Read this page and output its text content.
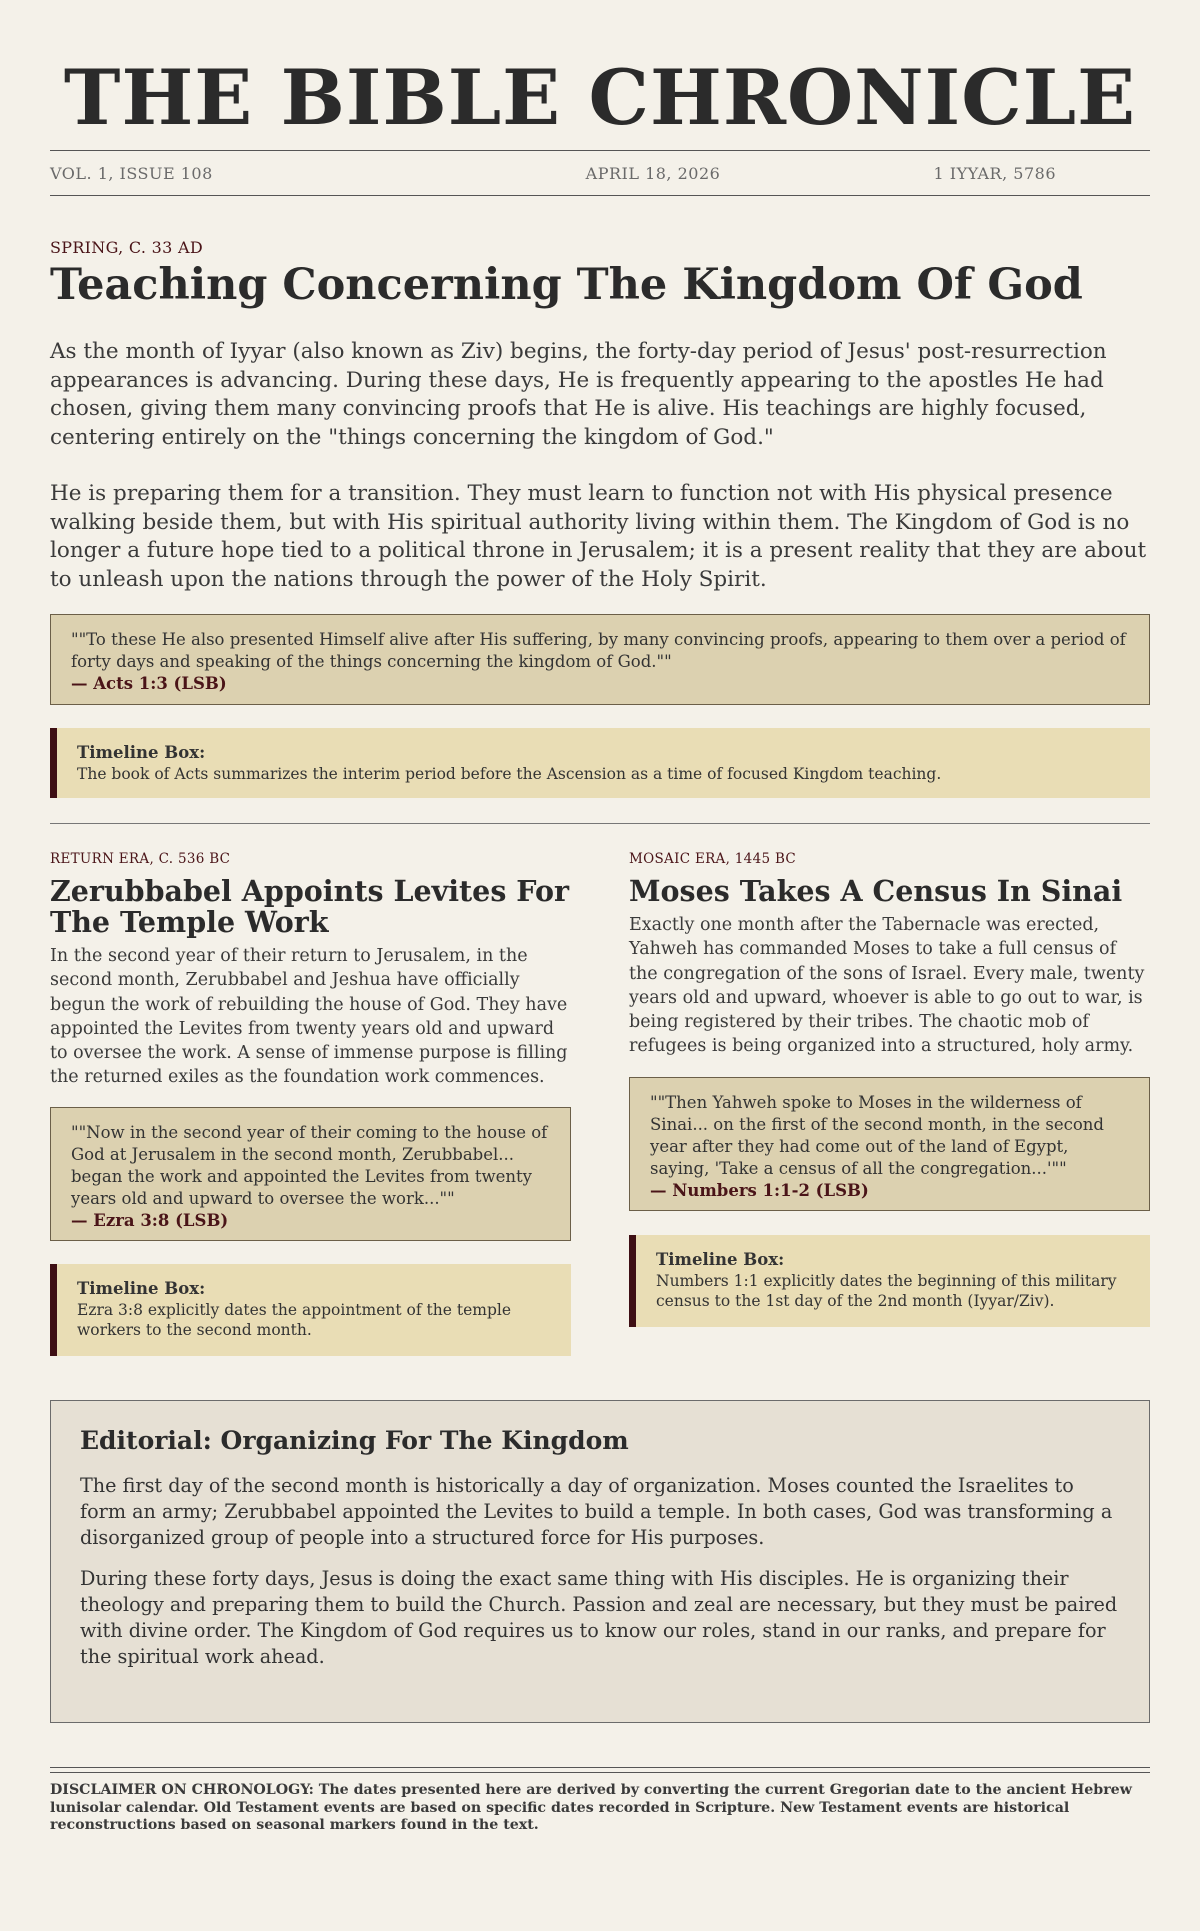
THE BIBLE CHRONICLE
VOL. 1, ISSUE 108	APRIL 18, 2026	1 IYYAR, 5786
SPRING, C. 33 AD
Teaching Concerning The Kingdom Of God

As the month of Iyyar (also known as Ziv) begins, the forty-day period of Jesus' post-resurrection appearances is advancing. During these days, He is frequently appearing to the apostles He had chosen, giving them many convincing proofs that He is alive. His teachings are highly focused, centering entirely on the "things concerning the kingdom of God."

He is preparing them for a transition. They must learn to function not with His physical presence walking beside them, but with His spiritual authority living within them. The Kingdom of God is no longer a future hope tied to a political throne in Jerusalem; it is a present reality that they are about to unleash upon the nations through the power of the Holy Spirit.

""To these He also presented Himself alive after His suffering, by many convincing proofs, appearing to them over a period of forty days and speaking of the things concerning the kingdom of God.""
— Acts 1:3 (LSB)
Timeline Box:
The book of Acts summarizes the interim period before the Ascension as a time of focused Kingdom teaching.
RETURN ERA, C. 536 BC
Zerubbabel Appoints Levites For The Temple Work

In the second year of their return to Jerusalem, in the second month, Zerubbabel and Jeshua have officially begun the work of rebuilding the house of God. They have appointed the Levites from twenty years old and upward to oversee the work. A sense of immense purpose is filling the returned exiles as the foundation work commences.

""Now in the second year of their coming to the house of God at Jerusalem in the second month, Zerubbabel... began the work and appointed the Levites from twenty years old and upward to oversee the work...""
— Ezra 3:8 (LSB)
Timeline Box:
Ezra 3:8 explicitly dates the appointment of the temple workers to the second month.
MOSAIC ERA, 1445 BC
Moses Takes A Census In Sinai

Exactly one month after the Tabernacle was erected, Yahweh has commanded Moses to take a full census of the congregation of the sons of Israel. Every male, twenty years old and upward, whoever is able to go out to war, is being registered by their tribes. The chaotic mob of refugees is being organized into a structured, holy army.

""Then Yahweh spoke to Moses in the wilderness of Sinai... on the first of the second month, in the second year after they had come out of the land of Egypt, saying, 'Take a census of all the congregation...'""
— Numbers 1:1-2 (LSB)
Timeline Box:
Numbers 1:1 explicitly dates the beginning of this military census to the 1st day of the 2nd month (Iyyar/Ziv).
Editorial: Organizing For The Kingdom

The first day of the second month is historically a day of organization. Moses counted the Israelites to form an army; Zerubbabel appointed the Levites to build a temple. In both cases, God was transforming a disorganized group of people into a structured force for His purposes.

During these forty days, Jesus is doing the exact same thing with His disciples. He is organizing their theology and preparing them to build the Church. Passion and zeal are necessary, but they must be paired with divine order. The Kingdom of God requires us to know our roles, stand in our ranks, and prepare for the spiritual work ahead.

DISCLAIMER ON CHRONOLOGY: The dates presented here are derived by converting the current Gregorian date to the ancient Hebrew lunisolar calendar. Old Testament events are based on specific dates recorded in Scripture. New Testament events are historical reconstructions based on seasonal markers found in the text.
